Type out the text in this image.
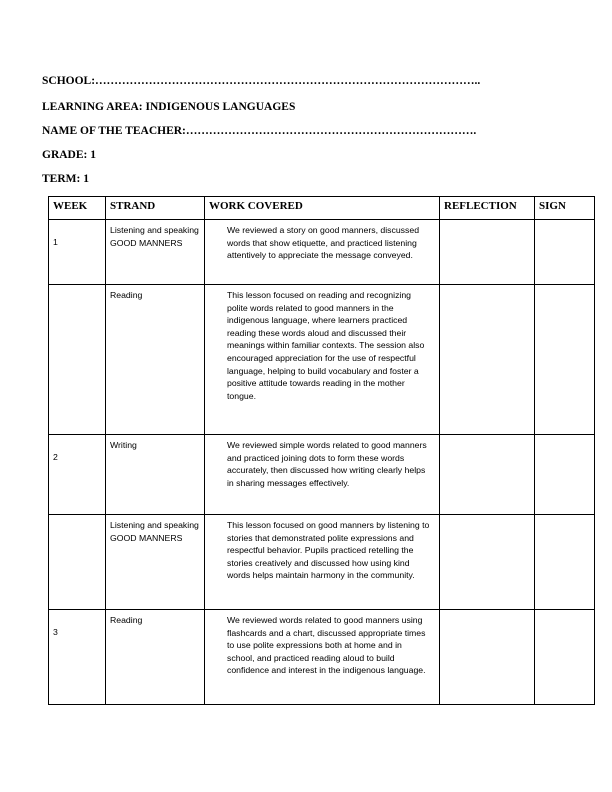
SCHOOL:………………………………………………………………………………………..
LEARNING AREA: INDIGENOUS LANGUAGES
NAME OF THE TEACHER:………………………………………………………………….
GRADE: 1
TERM: 1
WEEK	STRAND	WORK COVERED	REFLECTION	SIGN
1	Listening and speaking GOOD MANNERS	We reviewed a story on good manners, discussed words that show etiquette, and practiced listening attentively to appreciate the message conveyed.		
	Reading	This lesson focused on reading and recognizing polite words related to good manners in the indigenous language, where learners practiced reading these words aloud and discussed their meanings within familiar contexts. The session also encouraged appreciation for the use of respectful language, helping to build vocabulary and foster a positive attitude towards reading in the mother tongue.		
2	Writing	We reviewed simple words related to good manners and practiced joining dots to form these words accurately, then discussed how writing clearly helps in sharing messages effectively.		
	Listening and speaking GOOD MANNERS	This lesson focused on good manners by listening to stories that demonstrated polite expressions and respectful behavior. Pupils practiced retelling the stories creatively and discussed how using kind words helps maintain harmony in the community.		
3	Reading	We reviewed words related to good manners using flashcards and a chart, discussed appropriate times to use polite expressions both at home and in school, and practiced reading aloud to build confidence and interest in the indigenous language.		
